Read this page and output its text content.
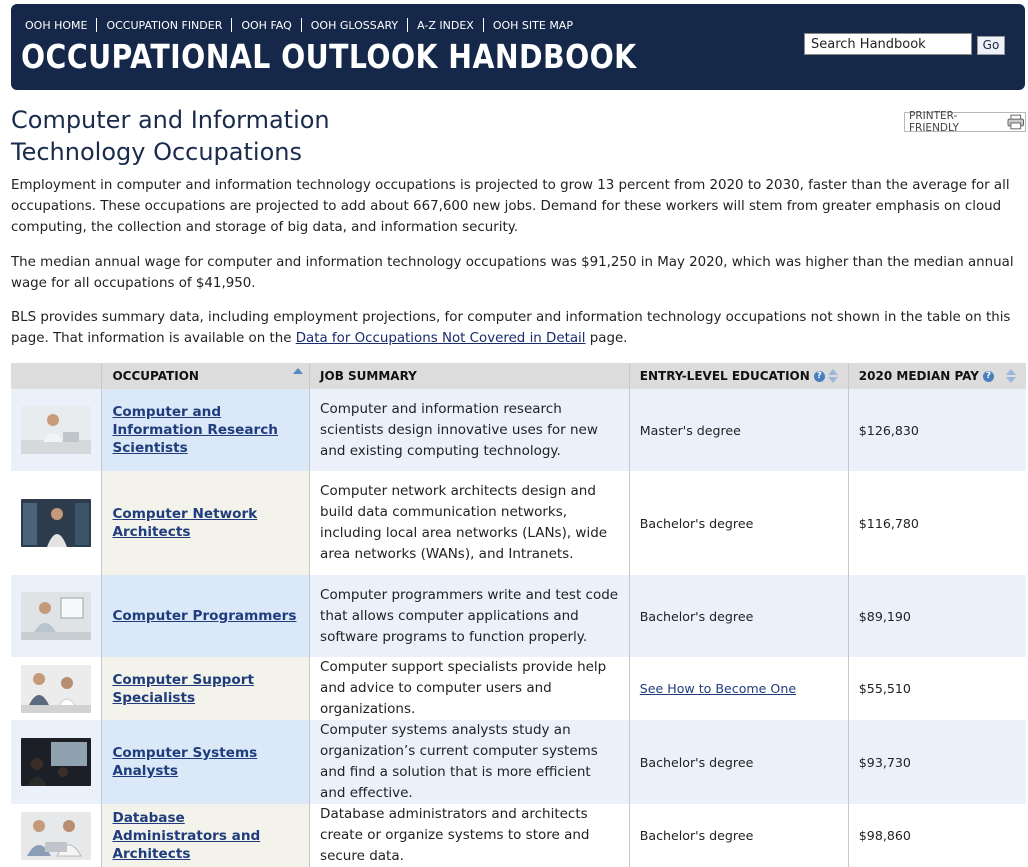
OOH HOME OCCUPATION FINDER OOH FAQ OOH GLOSSARY A-Z INDEX OOH SITE MAP
OCCUPATIONAL OUTLOOK HANDBOOK
Search Handbook	Go
Computer and Information Technology Occupations
PRINTER-FRIENDLY

Employment in computer and information technology occupations is projected to grow 13 percent from 2020 to 2030, faster than the average for all occupations. These occupations are projected to add about 667,600 new jobs. Demand for these workers will stem from greater emphasis on cloud computing, the collection and storage of big data, and information security.

The median annual wage for computer and information technology occupations was $91,250 in May 2020, which was higher than the median annual wage for all occupations of $41,950.

BLS provides summary data, including employment projections, for computer and information technology occupations not shown in the table on this page. That information is available on the Data for Occupations Not Covered in Detail page.

	OCCUPATION	JOB SUMMARY	ENTRY-LEVEL EDUCATION ?	2020 MEDIAN PAY ?

	Computer and Information Research Scientists	Computer and information research scientists design innovative uses for new and existing computing technology.	Master's degree	$126,830

	Computer Network Architects	Computer network architects design and build data communication networks, including local area networks (LANs), wide area networks (WANs), and Intranets.	Bachelor's degree	$116,780

	Computer Programmers	Computer programmers write and test code that allows computer applications and software programs to function properly.	Bachelor's degree	$89,190

	Computer Support Specialists	Computer support specialists provide help and advice to computer users and organizations.	See How to Become One	$55,510

	Computer Systems Analysts	Computer systems analysts study an organization’s current computer systems and find a solution that is more efficient and effective.	Bachelor's degree	$93,730

	Database Administrators and Architects	Database administrators and architects create or organize systems to store and secure data.	Bachelor's degree	$98,860
